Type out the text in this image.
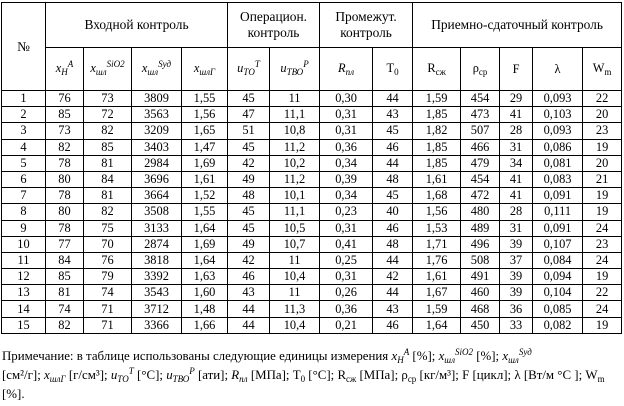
№	Входной контроль				Операцион. контроль		Промежут. контроль		Приемно-сдаточный контроль				
	$x_Н^A$	$x_{шл}^{SiO2}$	$x_{шл}^{Sуд}$	$x_{шлГ}$	$u_{ТО}^Т$	$u_{ТВО}^Р$	$R_{пл}$	$T_0$	$R_{сж}$	$\rho_{ср}$	F	λ	$W_m$
1	76	73	3809	1,55	45	11	0,30	44	1,59	454	29	0,093	22
2	85	72	3563	1,56	47	11,1	0,31	43	1,85	473	41	0,103	20
3	73	82	3209	1,65	51	10,8	0,31	45	1,82	507	28	0,093	23
4	82	85	3403	1,47	45	11,2	0,36	46	1,85	466	31	0,086	19
5	78	81	2984	1,69	42	10,2	0,34	44	1,85	479	34	0,081	20
6	80	84	3696	1,61	49	11,2	0,39	48	1,61	454	41	0,083	21
7	78	81	3664	1,52	48	10,1	0,34	45	1,68	472	41	0,091	19
8	80	82	3508	1,55	45	11,1	0,23	40	1,56	480	28	0,111	19
9	78	75	3133	1,64	45	10,5	0,31	46	1,53	489	31	0,091	24
10	77	70	2874	1,69	49	10,7	0,41	48	1,71	496	39	0,107	23
11	84	76	3818	1,64	42	11	0,25	44	1,76	508	37	0,084	24
12	85	79	3392	1,63	46	10,4	0,31	42	1,61	491	39	0,094	19
13	81	74	3543	1,60	43	11	0,26	44	1,67	460	39	0,104	22
14	74	71	3712	1,48	44	11,3	0,36	43	1,59	468	36	0,085	24
15	82	71	3366	1,66	44	10,4	0,21	46	1,64	450	33	0,082	19
Примечание: в таблице использованы следующие единицы измерения $x_Н^A$ [%]; $x_{шл}^{SiO2}$ [%]; $x_{шл}^{Sуд}$
[см²/г]; $x_{шлГ}$ [г/см³]; $u_{ТО}^Т$ [°С]; $u_{ТВО}^Р$ [ати]; $R_{пл}$ [МПа]; $Т_0$ [°С]; $R_{сж}$ [МПа]; $\rho_{ср}$ [кг/м³]; F [цикл]; λ [Вт/м °С ]; $W_m$ [%].
